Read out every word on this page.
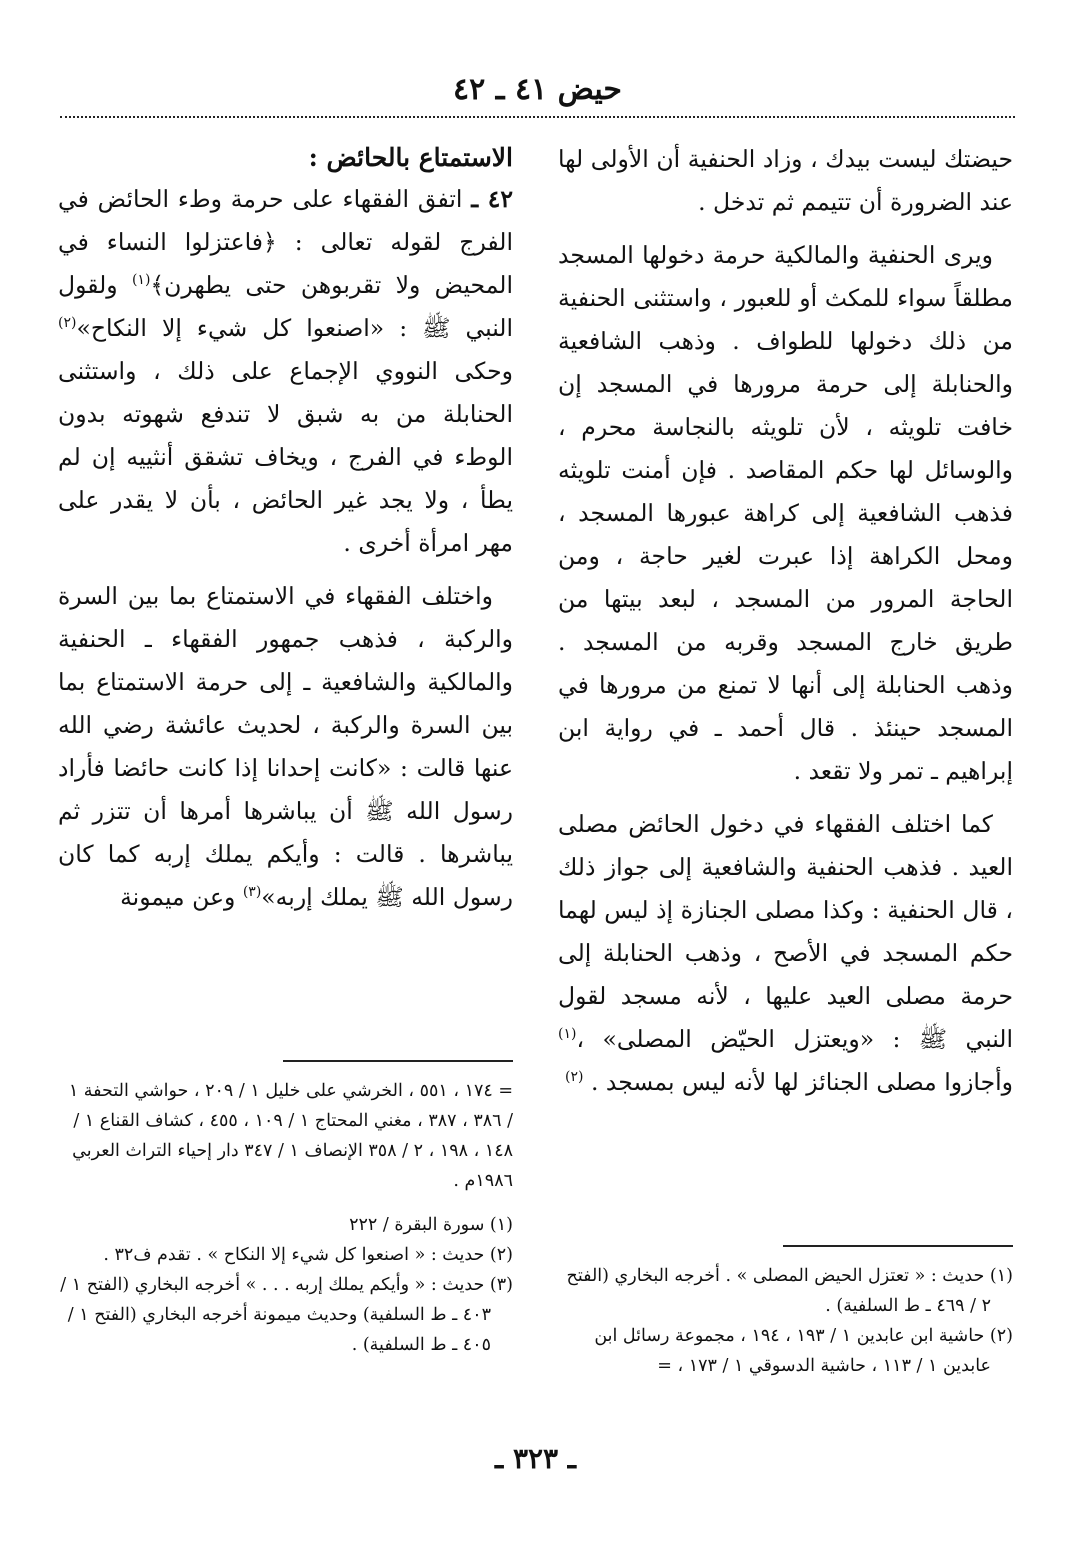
حيض ٤١ ـ ٤٢

حيضتك ليست بيدك ، وزاد الحنفية أن الأولى لها عند الضرورة أن تتيمم ثم تدخل .

ويرى الحنفية والمالكية حرمة دخولها المسجد مطلقاً سواء للمكث أو للعبور ، واستثنى الحنفية من ذلك دخولها للطواف . وذهب الشافعية والحنابلة إلى حرمة مرورها في المسجد إن خافت تلويثه ، لأن تلويثه بالنجاسة محرم ، والوسائل لها حكم المقاصد . فإن أمنت تلويثه فذهب الشافعية إلى كراهة عبورها المسجد ، ومحل الكراهة إذا عبرت لغير حاجة ، ومن الحاجة المرور من المسجد ، لبعد بيتها من طريق خارج المسجد وقربه من المسجد . وذهب الحنابلة إلى أنها لا تمنع من مرورها في المسجد حينئذ . قال أحمد ـ في رواية ابن إبراهيم ـ تمر ولا تقعد .

كما اختلف الفقهاء في دخول الحائض مصلى العيد . فذهب الحنفية والشافعية إلى جواز ذلك ، قال الحنفية : وكذا مصلى الجنازة إذ ليس لهما حكم المسجد في الأصح ، وذهب الحنابلة إلى حرمة مصلى العيد عليها ، لأنه مسجد لقول النبي ﷺ : «ويعتزل الحيّض المصلى» ،$^{(١)}$ وأجازوا مصلى الجنائز لها لأنه ليس بمسجد . $^{(٢)}$

الاستمتاع بالحائض :

٤٢ ـ اتفق الفقهاء على حرمة وطء الحائض في الفرج لقوله تعالى : ﴿فاعتزلوا النساء في المحيض ولا تقربوهن حتى يطهرن﴾$^{(١)}$ ولقول النبي ﷺ : «اصنعوا كل شيء إلا النكاح»$^{(٢)}$ وحكى النووي الإجماع على ذلك ، واستثنى الحنابلة من به شبق لا تندفع شهوته بدون الوطء في الفرج ، ويخاف تشقق أنثييه إن لم يطأ ، ولا يجد غير الحائض ، بأن لا يقدر على مهر امرأة أخرى .

واختلف الفقهاء في الاستمتاع بما بين السرة والركبة ، فذهب جمهور الفقهاء ـ الحنفية والمالكية والشافعية ـ إلى حرمة الاستمتاع بما بين السرة والركبة ، لحديث عائشة رضي الله عنها قالت : «كانت إحدانا إذا كانت حائضا فأراد رسول الله ﷺ أن يباشرها أمرها أن تتزر ثم يباشرها . قالت : وأيكم يملك إربه كما كان رسول الله ﷺ يملك إربه»$^{(٣)}$ وعن ميمونة

(١) حديث : « تعتزل الحيض المصلى » . أخرجه البخاري (الفتح ٢ / ٤٦٩ ـ ط السلفية) .

(٢) حاشية ابن عابدين ١ / ١٩٣ ، ١٩٤ ، مجموعة رسائل ابن عابدين ١ / ١١٣ ، حاشية الدسوقي ١ / ١٧٣ ، =

= ١٧٤ ، ٥٥١ ، الخرشي على خليل ١ / ٢٠٩ ، حواشي التحفة ١ / ٣٨٦ ، ٣٨٧ ، مغني المحتاج ١ / ١٠٩ ، ٤٥٥ ، كشاف القناع ١ / ١٤٨ ، ١٩٨ ، ٢ / ٣٥٨ الإنصاف ١ / ٣٤٧ دار إحياء التراث العربي ١٩٨٦م .

(١) سورة البقرة / ٢٢٢

(٢) حديث : « اصنعوا كل شيء إلا النكاح » . تقدم ف٣٢ .

(٣) حديث : « وأيكم يملك إربه . . . » أخرجه البخاري (الفتح ١ / ٤٠٣ ـ ط السلفية) وحديث ميمونة أخرجه البخاري (الفتح ١ / ٤٠٥ ـ ط السلفية) .

ـ ٣٢٣ ـ
